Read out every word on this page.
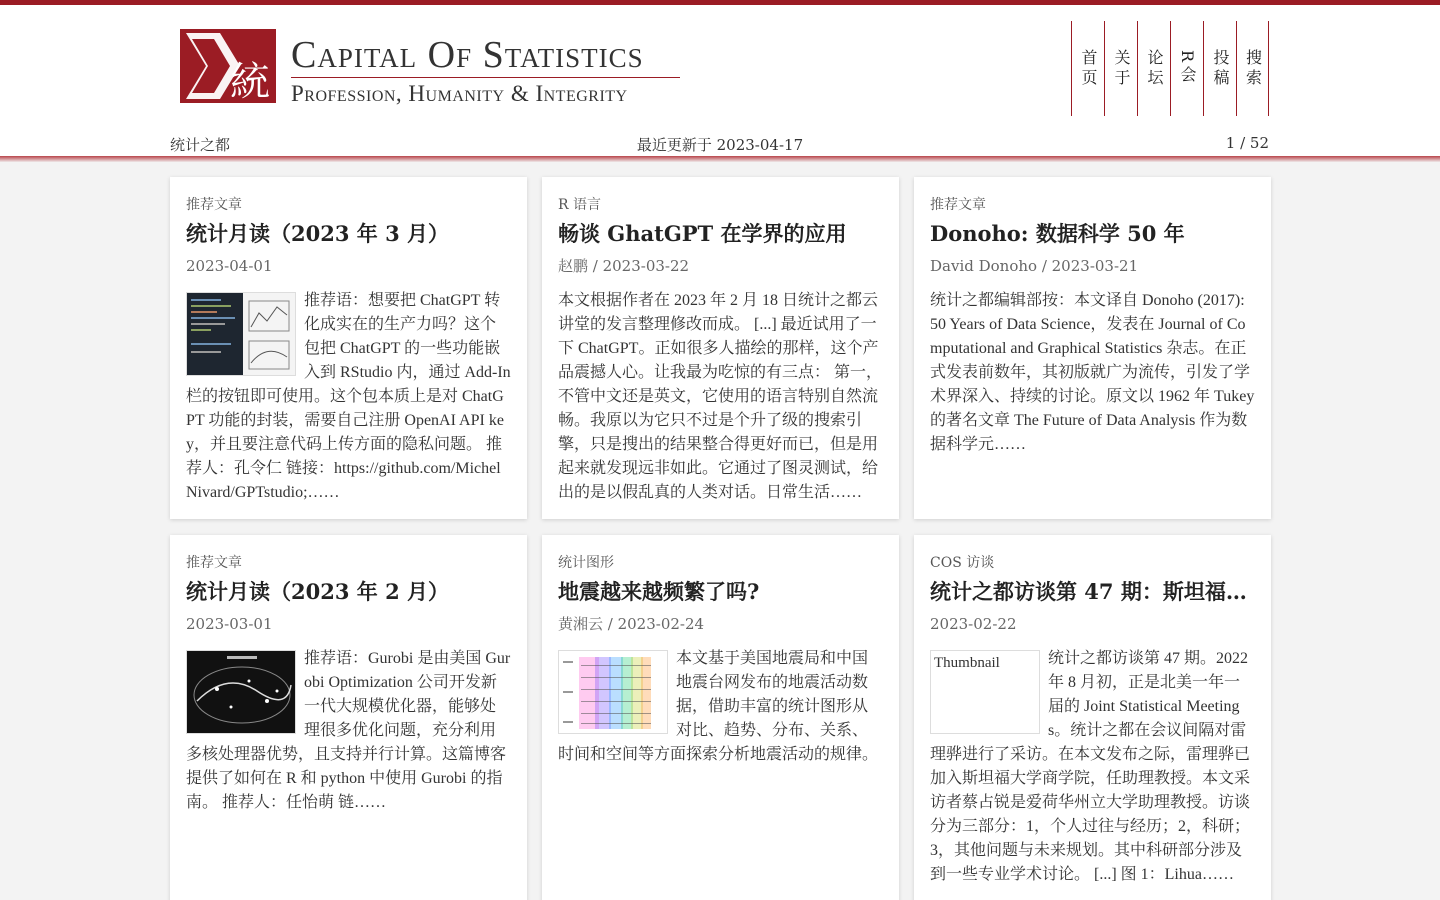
統
Capital Of Statistics
Profession, Humanity & Integrity
首页 关于 论坛 R会 投稿 搜索
最近更新于 2023-04-17
统计之都	1 / 52
推荐文章
统计月读（2023 年 3 月）
2023-04-01
推荐语：想要把 ChatGPT 转化成实在的生产力吗？这个包把 ChatGPT 的一些功能嵌入到 RStudio 内，通过 Add-In 栏的按钮即可使用。这个包本质上是对 ChatGPT 功能的封装，需要自己注册 OpenAI API key，并且要注意代码上传方面的隐私问题。 推荐人：孔令仁 链接：https://github.com/MichelNivard/GPTstudio;……
R 语言
畅谈 GhatGPT 在学界的应用
赵鹏 / 2023-03-22
本文根据作者在 2023 年 2 月 18 日统计之都云讲堂的发言整理修改而成。 [...] 最近试用了一下 ChatGPT。正如很多人描绘的那样，这个产品震撼人心。让我最为吃惊的有三点： 第一，不管中文还是英文，它使用的语言特别自然流畅。我原以为它只不过是个升了级的搜索引擎，只是搜出的结果整合得更好而已，但是用起来就发现远非如此。它通过了图灵测试，给出的是以假乱真的人类对话。日常生活……
推荐文章
Donoho: 数据科学 50 年
David Donoho / 2023-03-21
统计之都编辑部按：本文译自 Donoho (2017): 50 Years of Data Science，发表在 Journal of Computational and Graphical Statistics 杂志。在正式发表前数年，其初版就广为流传，引发了学术界深入、持续的讨论。原文以 1962 年 Tukey 的著名文章 The Future of Data Analysis 作为数据科学元……
推荐文章
统计月读（2023 年 2 月）
2023-03-01
推荐语：Gurobi 是由美国 Gurobi Optimization 公司开发新一代大规模优化器，能够处理很多优化问题，充分利用多核处理器优势，且支持并行计算。这篇博客提供了如何在 R 和 python 中使用 Gurobi 的指南。 推荐人：任怡萌 链……
统计图形
地震越来越频繁了吗?
黄湘云 / 2023-02-24
本文基于美国地震局和中国地震台网发布的地震活动数据，借助丰富的统计图形从对比、趋势、分布、关系、时间和空间等方面探索分析地震活动的规律。
COS 访谈
统计之都访谈第 47 期：斯坦福…
2023-02-22
Thumbnail	统计之都访谈第 47 期。2022 年 8 月初，正是北美一年一届的 Joint Statistical Meetings。统计之都在会议间隔对雷理骅进行了采访。在本文发布之际，雷理骅已加入斯坦福大学商学院，任助理教授。本文采访者蔡占锐是爱荷华州立大学助理教授。访谈分为三部分：1，个人过往与经历；2，科研；3，其他问题与未来规划。其中科研部分涉及到一些专业学术讨论。 [...] 图 1：Lihua……
